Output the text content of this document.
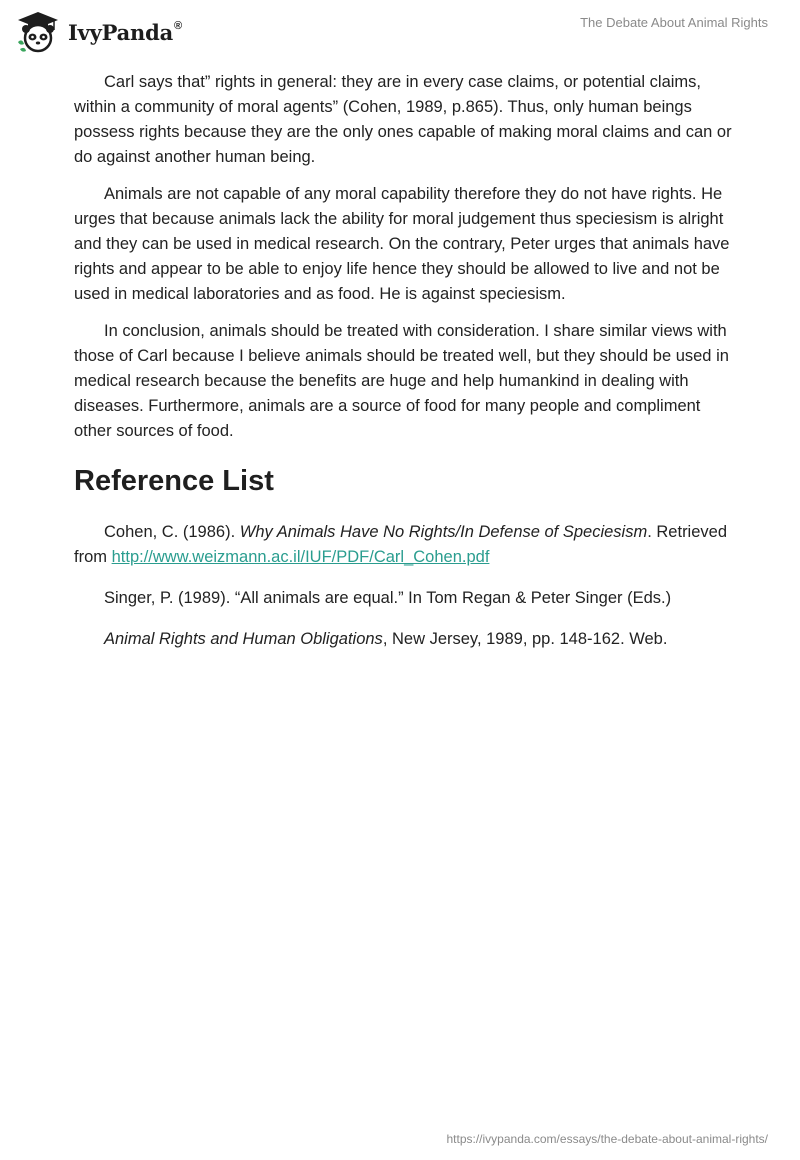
IvyPanda®	The Debate About Animal Rights

Carl says that” rights in general: they are in every case claims, or potential claims, within a community of moral agents” (Cohen, 1989, p.865). Thus, only human beings possess rights because they are the only ones capable of making moral claims and can or do against another human being.

Animals are not capable of any moral capability therefore they do not have rights. He urges that because animals lack the ability for moral judgement thus speciesism is alright and they can be used in medical research. On the contrary, Peter urges that animals have rights and appear to be able to enjoy life hence they should be allowed to live and not be used in medical laboratories and as food. He is against speciesism.

In conclusion, animals should be treated with consideration. I share similar views with those of Carl because I believe animals should be treated well, but they should be used in medical research because the benefits are huge and help humankind in dealing with diseases. Furthermore, animals are a source of food for many people and compliment other sources of food.

Reference List

Cohen, C. (1986). Why Animals Have No Rights/In Defense of Speciesism. Retrieved from http://www.weizmann.ac.il/IUF/PDF/Carl_Cohen.pdf

Singer, P. (1989). “All animals are equal.” In Tom Regan & Peter Singer (Eds.)

Animal Rights and Human Obligations, New Jersey, 1989, pp. 148-162. Web.

https://ivypanda.com/essays/the-debate-about-animal-rights/
